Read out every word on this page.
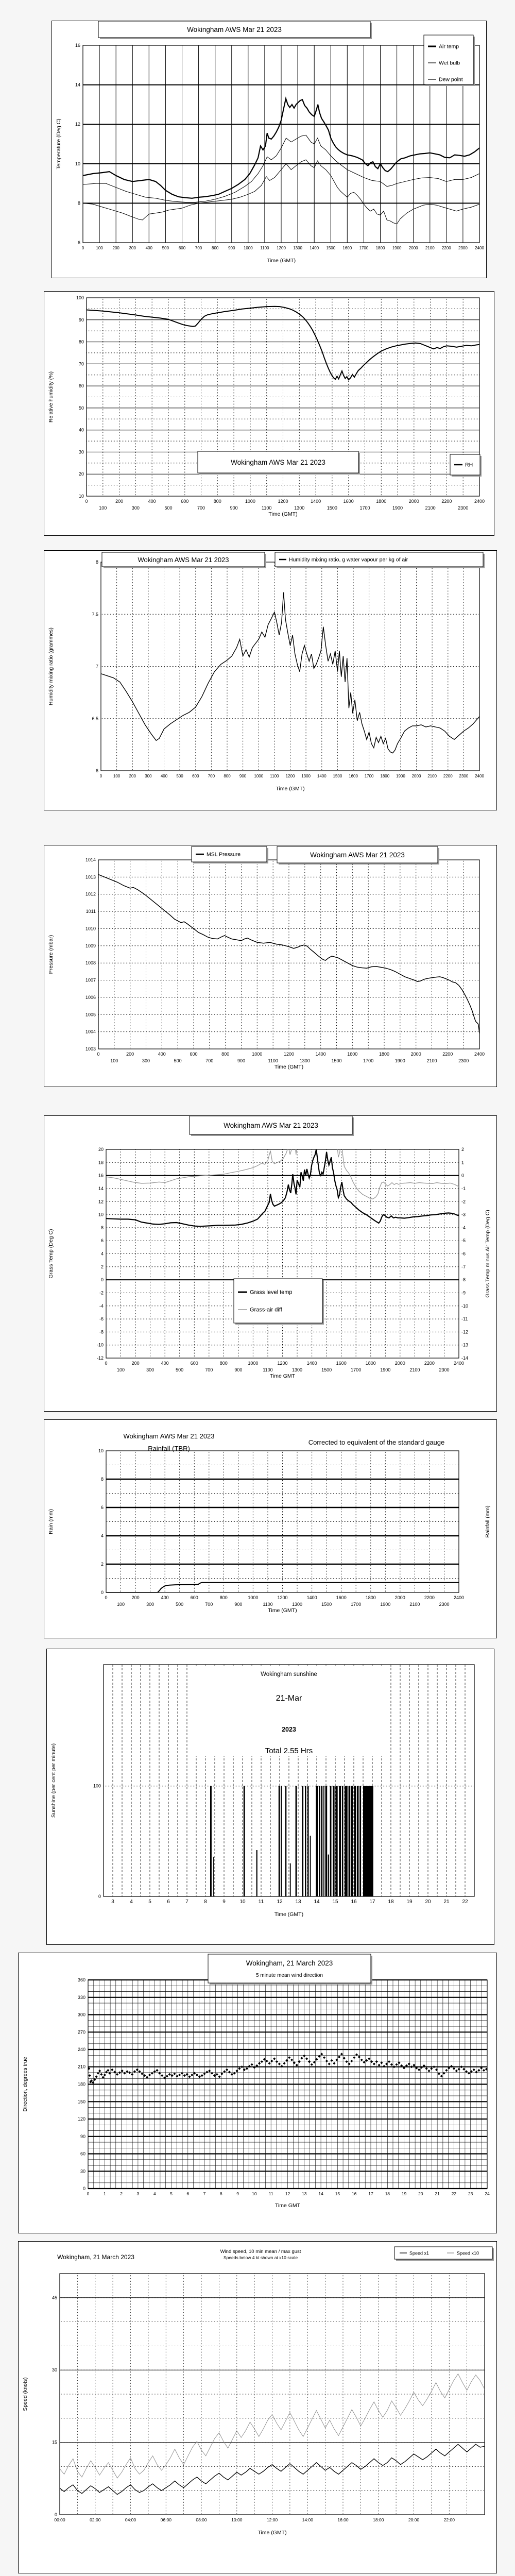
0	100 200 300 400 500 600 700 800 900 1000 1100 1200 1300 1400 1500 1600 1700 1800 1900 2000 2100 2200 2300 2400
6
8
10
12
14
16
Time (GMT)
Temperature (Deg C)
Wokingham AWS Mar 21 2023
Air temp
Wet bulb
Dew point
0
100
200
300
400
500
600
700
800
900
1000
1100
1200
1300
1400
1500
1600
1700
1800
1900
2000
2100
2200
2300
2400
10
20
30
40
50
60
70
80
90
100
Time (GMT)
Relative humidity (%)
Wokingham AWS Mar 21 2023	RH
0	100 200 300 400 500 600 700 800 900 1000 1100 1200 1300 1400 1500 1600 1700 1800 1900 2000 2100 2200 2300 2400
6
6.5
7
7.5
8
Time (GMT)
Humidity mixing ratio (grammes)
Wokingham AWS Mar 21 2023	Humidity mixing ratio, g water vapour per kg of air
0
100
200
300
400
500
600
700
800
900
1000
1100
1200
1300
1400
1500
1600
1700
1800
1900
2000
2100
2200
2300
2400
1003
1004
1005
1006
1007
1008
1009
1010
1011
1012
1013
1014
Time (GMT)
Pressure (mbar)
Wokingham AWS Mar 21 2023
MSL Pressure
0
100
200
300
400
500
600
700
800
900
1000
1100
1200
1300
1400
1500
1600
1700
1800
1900
2000
2100
2200
2300
2400
-12
-10
-8
-6
-4
-2
0
2
4
6
8
10
12
14
16
18
20
-14
-13
-12
-11
-10
-9
-8
-7
-6
-5
-4
-3
-2
-1
0
1
2
Time GMT
Grass Temp (Deg C)	Grass Temp minus Air Temp (Deg C)
Wokingham AWS Mar 21 2023
Grass level temp
Grass-air diff
0
100
200
300
400
500
600
700
800
900
1000
1100
1200
1300
1400
1500
1600
1700
1800
1900
2000
2100
2200
2300
2400
0
2
4
6
8
10
Time (GMT)
Rain (mm)	Rainfall (mm)
Wokingham AWS Mar 21 2023
Rainfall (TBR)
Corrected to equivalent of the standard gauge
3	4	5	6	7	8	9	10	11	12 13 14 15 16 17 18 19 20 21 22
0
100
Time (GMT)
Sunshine (per cent per minute)
Wokingham sunshine
21-Mar
2023
Total 2.55 Hrs
0	1	2	3	4	5	6	7	8	9	10	11	12	13	14	15	16	17	18	19	20	21	22	23	24
0
30
60
90
120
150
180
210
240
270
300
330
360
Time GMT
Direction, degrees true
Wokingham, 21 March 2023
5 minute mean wind direction
00:00	02:00	04:00	06:00	08:00	10:00	12:00	14:00	16:00	18:00	20:00	22:00
0
15
30
45
Time (GMT)
Speed (knots)
Wokingham, 21 March 2023
Wind speed, 10 min mean / max gust
Speeds below 4 kt shown at x10 scale
Speed x1	Speed x10
